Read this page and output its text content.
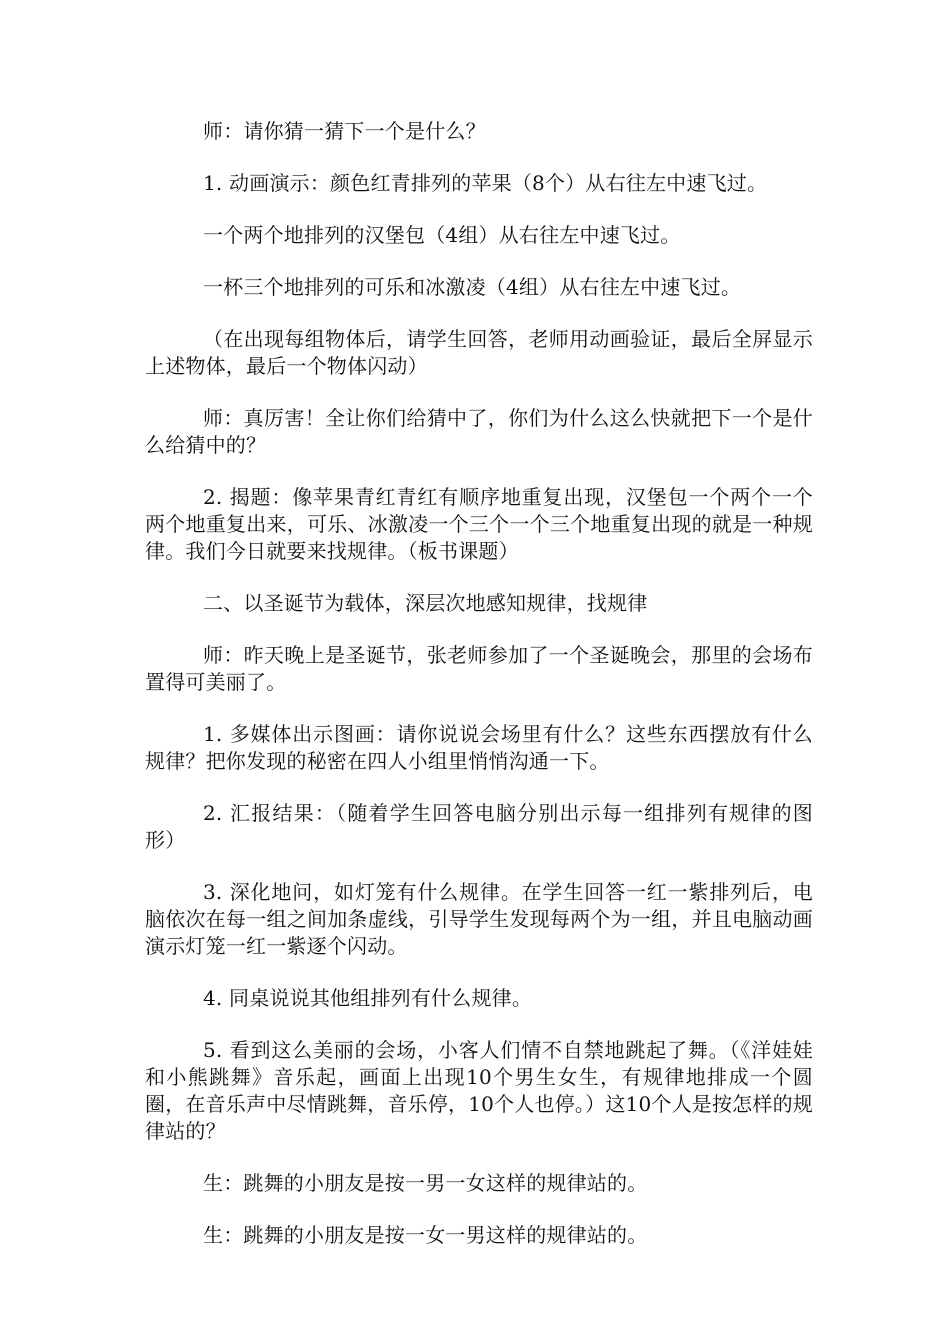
师：请你猜一猜下一个是什么？

1. 动画演示：颜色红青排列的苹果（8个）从右往左中速飞过。

一个两个地排列的汉堡包（4组）从右往左中速飞过。

一杯三个地排列的可乐和冰激凌（4组）从右往左中速飞过。

（在出现每组物体后，请学生回答，老师用动画验证，最后全屏显示上述物体，最后一个物体闪动）

师：真厉害！全让你们给猜中了，你们为什么这么快就把下一个是什么给猜中的？

2. 揭题：像苹果青红青红有顺序地重复出现，汉堡包一个两个一个两个地重复出来，可乐、冰激凌一个三个一个三个地重复出现的就是一种规律。我们今日就要来找规律。（板书课题）

二、以圣诞节为载体，深层次地感知规律，找规律

师：昨天晚上是圣诞节，张老师参加了一个圣诞晚会，那里的会场布置得可美丽了。

1. 多媒体出示图画：请你说说会场里有什么？这些东西摆放有什么规律？把你发现的秘密在四人小组里悄悄沟通一下。

2. 汇报结果：（随着学生回答电脑分别出示每一组排列有规律的图形）

3. 深化地问，如灯笼有什么规律。在学生回答一红一紫排列后，电脑依次在每一组之间加条虚线，引导学生发现每两个为一组，并且电脑动画演示灯笼一红一紫逐个闪动。

4. 同桌说说其他组排列有什么规律。

5. 看到这么美丽的会场，小客人们情不自禁地跳起了舞。（《洋娃娃和小熊跳舞》音乐起，画面上出现10个男生女生，有规律地排成一个圆圈，在音乐声中尽情跳舞，音乐停，10个人也停。）这10个人是按怎样的规律站的？

生：跳舞的小朋友是按一男一女这样的规律站的。

生：跳舞的小朋友是按一女一男这样的规律站的。
